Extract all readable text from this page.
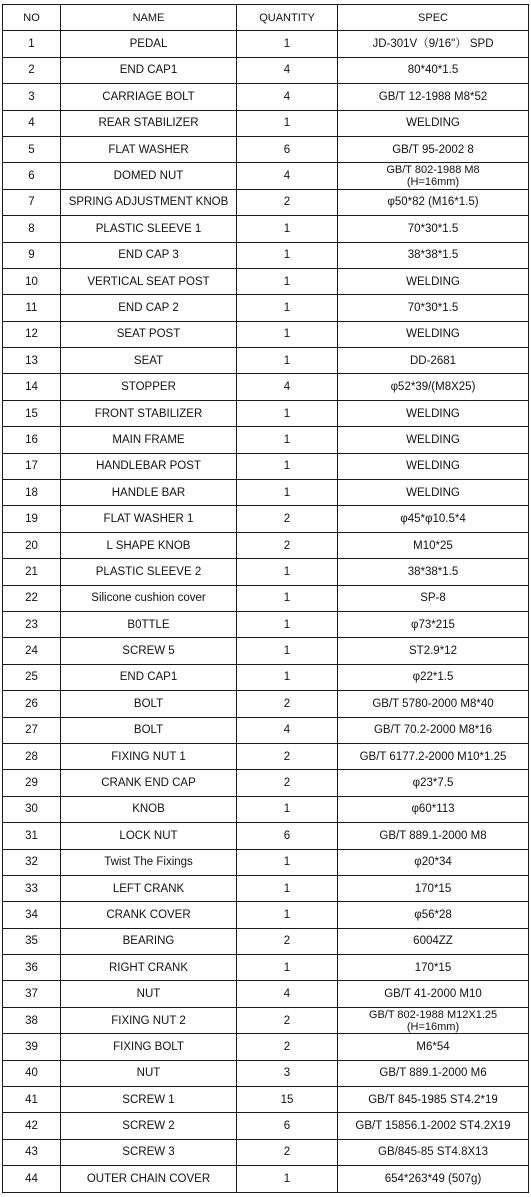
NO	NAME	QUANTITY	SPEC
1	PEDAL	1	JD-301V（9/16"） SPD
2	END CAP1	4	80*40*1.5
3	CARRIAGE BOLT	4	GB/T 12-1988 M8*52
4	REAR STABILIZER	1	WELDING
5	FLAT WASHER	6	GB/T 95-2002 8
6	DOMED NUT	4	GB/T 802-1988 M8
(H=16mm)
7	SPRING ADJUSTMENT KNOB	2	φ50*82 (M16*1.5)
8	PLASTIC SLEEVE 1	1	70*30*1.5
9	END CAP 3	1	38*38*1.5
10	VERTICAL SEAT POST	1	WELDING
11	END CAP 2	1	70*30*1.5
12	SEAT POST	1	WELDING
13	SEAT	1	DD-2681
14	STOPPER	4	φ52*39/(M8X25)
15	FRONT STABILIZER	1	WELDING
16	MAIN FRAME	1	WELDING
17	HANDLEBAR POST	1	WELDING
18	HANDLE BAR	1	WELDING
19	FLAT WASHER 1	2	φ45*φ10.5*4
20	L SHAPE KNOB	2	M10*25
21	PLASTIC SLEEVE 2	1	38*38*1.5
22	Silicone cushion cover	1	SP-8
23	B0TTLE	1	φ73*215
24	SCREW 5	1	ST2.9*12
25	END CAP1	1	φ22*1.5
26	BOLT	2	GB/T 5780-2000 M8*40
27	BOLT	4	GB/T 70.2-2000 M8*16
28	FIXING NUT 1	2	GB/T 6177.2-2000 M10*1.25
29	CRANK END CAP	2	φ23*7.5
30	KNOB	1	φ60*113
31	LOCK NUT	6	GB/T 889.1-2000 M8
32	Twist The Fixings	1	φ20*34
33	LEFT CRANK	1	170*15
34	CRANK COVER	1	φ56*28
35	BEARING	2	6004ZZ
36	RIGHT CRANK	1	170*15
37	NUT	4	GB/T 41-2000 M10
38	FIXING NUT 2	2	GB/T 802-1988 M12X1.25
(H=16mm)
39	FIXING BOLT	2	M6*54
40	NUT	3	GB/T 889.1-2000 M6
41	SCREW 1	15	GB/T 845-1985 ST4.2*19
42	SCREW 2	6	GB/T 15856.1-2002 ST4.2X19
43	SCREW 3	2	GB/845-85 ST4.8X13
44	OUTER CHAIN COVER	1	654*263*49 (507g)
